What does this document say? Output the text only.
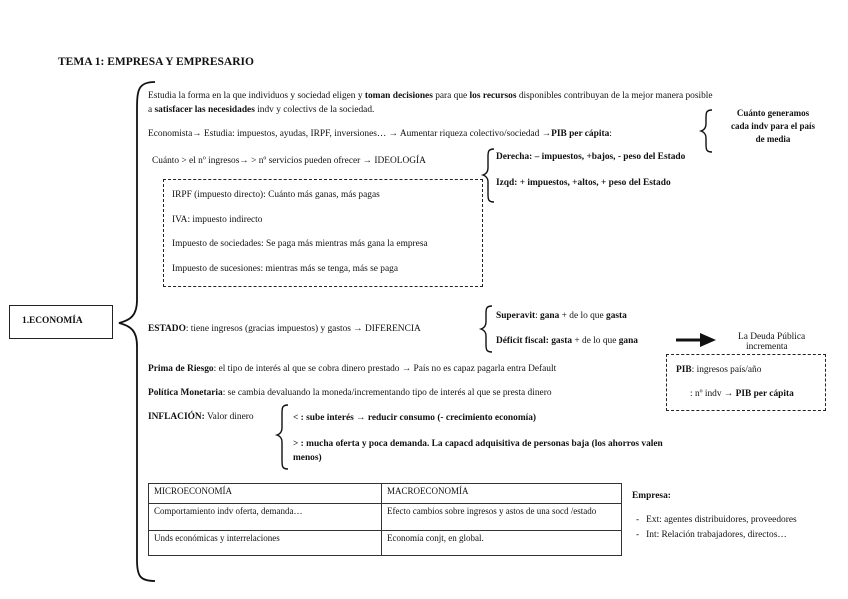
TEMA 1: EMPRESA Y EMPRESARIO
1.ECONOMÍA
Estudia la forma en la que individuos y sociedad eligen y toman decisiones para que los recursos disponibles contribuyan de la mejor manera posible
a satisfacer las necesidades indv y colectivs de la sociedad.
Economista→ Estudia: impuestos, ayudas, IRPF, inversiones… → Aumentar riqueza colectivo/sociedad →PIB per cápita:
Cuánto generamos
cada indv para el país
de media
Cuánto > el nº ingresos→ > nº servicios pueden ofrecer → IDEOLOGÍA	Derecha: – impuestos, +bajos, - peso del Estado
Izqd: + impuestos, +altos, + peso del Estado
IRPF (impuesto directo): Cuánto más ganas, más pagas
IVA: impuesto indirecto
Impuesto de sociedades: Se paga más mientras más gana la empresa
Impuesto de sucesiones: mientras más se tenga, más se paga
ESTADO: tiene ingresos (gracias impuestos) y gastos → DIFERENCIA
Superavit: gana + de lo que gasta
Déficit fiscal: gasta + de lo que gana	La Deuda Pública
incrementa
PIB: ingresos país/año
: nº indv → PIB per cápita
Prima de Riesgo: el tipo de interés al que se cobra dinero prestado → País no es capaz pagarla entra Default
Política Monetaria: se cambia devaluando la moneda/incrementando tipo de interés al que se presta dinero
INFLACIÓN: Valor dinero	< : sube interés → reducir consumo (- crecimiento economía)
> : mucha oferta y poca demanda. La capacd adquisitiva de personas baja (los ahorros valen
menos)
MICROECONOMÍA	MACROECONOMÍA
Comportamiento indv oferta, demanda…	Efecto cambios sobre ingresos y astos de una socd /estado
Unds económicas y interrelaciones	Economía conjt, en global.
Empresa:
-   Ext: agentes distribuidores, proveedores
-   Int: Relación trabajadores, directos…
